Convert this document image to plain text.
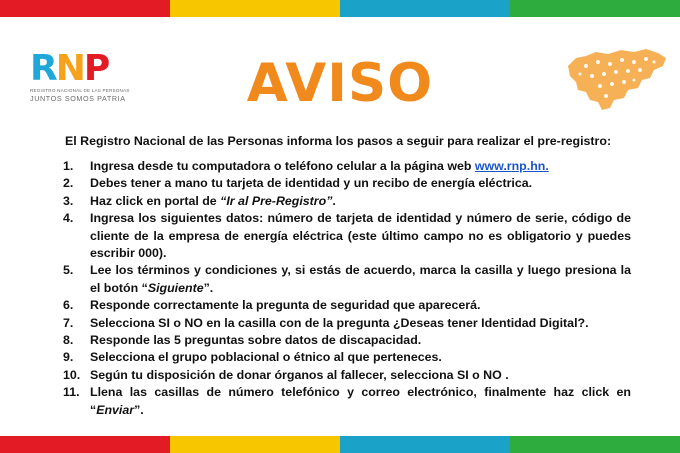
R N P
REGISTRO NACIONAL DE LAS PERSONAS
JUNTOS SOMOS PATRIA	AVISO
El Registro Nacional de las Personas informa los pasos a seguir para realizar el pre-registro:
1.	Ingresa desde tu computadora o teléfono celular a la página web www.rnp.hn.
2.	Debes tener a mano tu tarjeta de identidad y un recibo de energía eléctrica.
3.	Haz click en portal de “Ir al Pre-Registro”.
4.	Ingresa los siguientes datos: número de tarjeta de identidad y número de serie, código de cliente de la empresa de energía eléctrica (este último campo no es obligatorio y puedes escribir 000).
5.	Lee los términos y condiciones y, si estás de acuerdo, marca la casilla y luego presiona la el botón “Siguiente”.
6.	Responde correctamente la pregunta de seguridad que aparecerá.
7.	Selecciona SI o NO en la casilla con de la pregunta ¿Deseas tener Identidad Digital?.
8.	Responde las 5 preguntas sobre datos de discapacidad.
9.	Selecciona el grupo poblacional o étnico al que perteneces.
10. Según tu disposición de donar órganos al fallecer, selecciona SI o NO .
11. Llena las casillas de número telefónico y correo electrónico, finalmente haz click en “Enviar”.
